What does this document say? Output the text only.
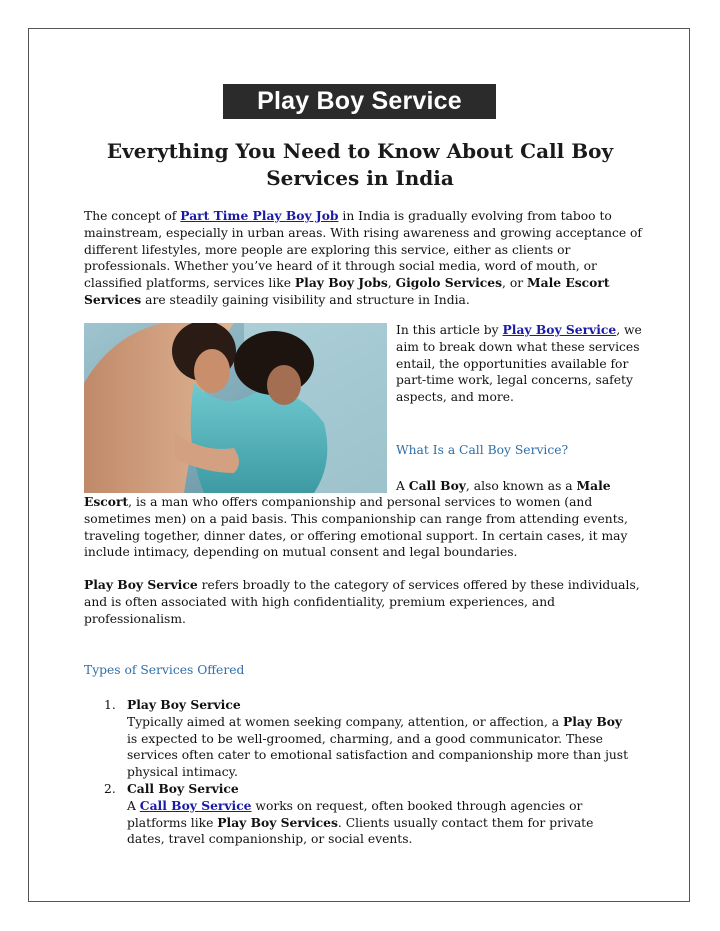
Play Boy Service
Everything You Need to Know About Call Boy Services in India

The concept of Part Time Play Boy Job in India is gradually evolving from taboo to mainstream, especially in urban areas. With rising awareness and growing acceptance of different lifestyles, more people are exploring this service, either as clients or professionals. Whether you’ve heard of it through social media, word of mouth, or classified platforms, services like Play Boy Jobs, Gigolo Services, or Male Escort Services are steadily gaining visibility and structure in India.

In this article by Play Boy Service, we aim to break down what these services entail, the opportunities available for part-time work, legal concerns, safety aspects, and more.

What Is a Call Boy Service?

A Call Boy, also known as a Male

Escort, is a man who offers companionship and personal services to women (and sometimes men) on a paid basis. This companionship can range from attending events, traveling together, dinner dates, or offering emotional support. In certain cases, it may include intimacy, depending on mutual consent and legal boundaries.

Play Boy Service refers broadly to the category of services offered by these individuals, and is often associated with high confidentiality, premium experiences, and professionalism.

Types of Services Offered

1. Play Boy Service
Typically aimed at women seeking company, attention, or affection, a Play Boy is expected to be well-groomed, charming, and a good communicator. These services often cater to emotional satisfaction and companionship more than just physical intimacy.
2. Call Boy Service
A Call Boy Service works on request, often booked through agencies or platforms like Play Boy Services. Clients usually contact them for private dates, travel companionship, or social events.
